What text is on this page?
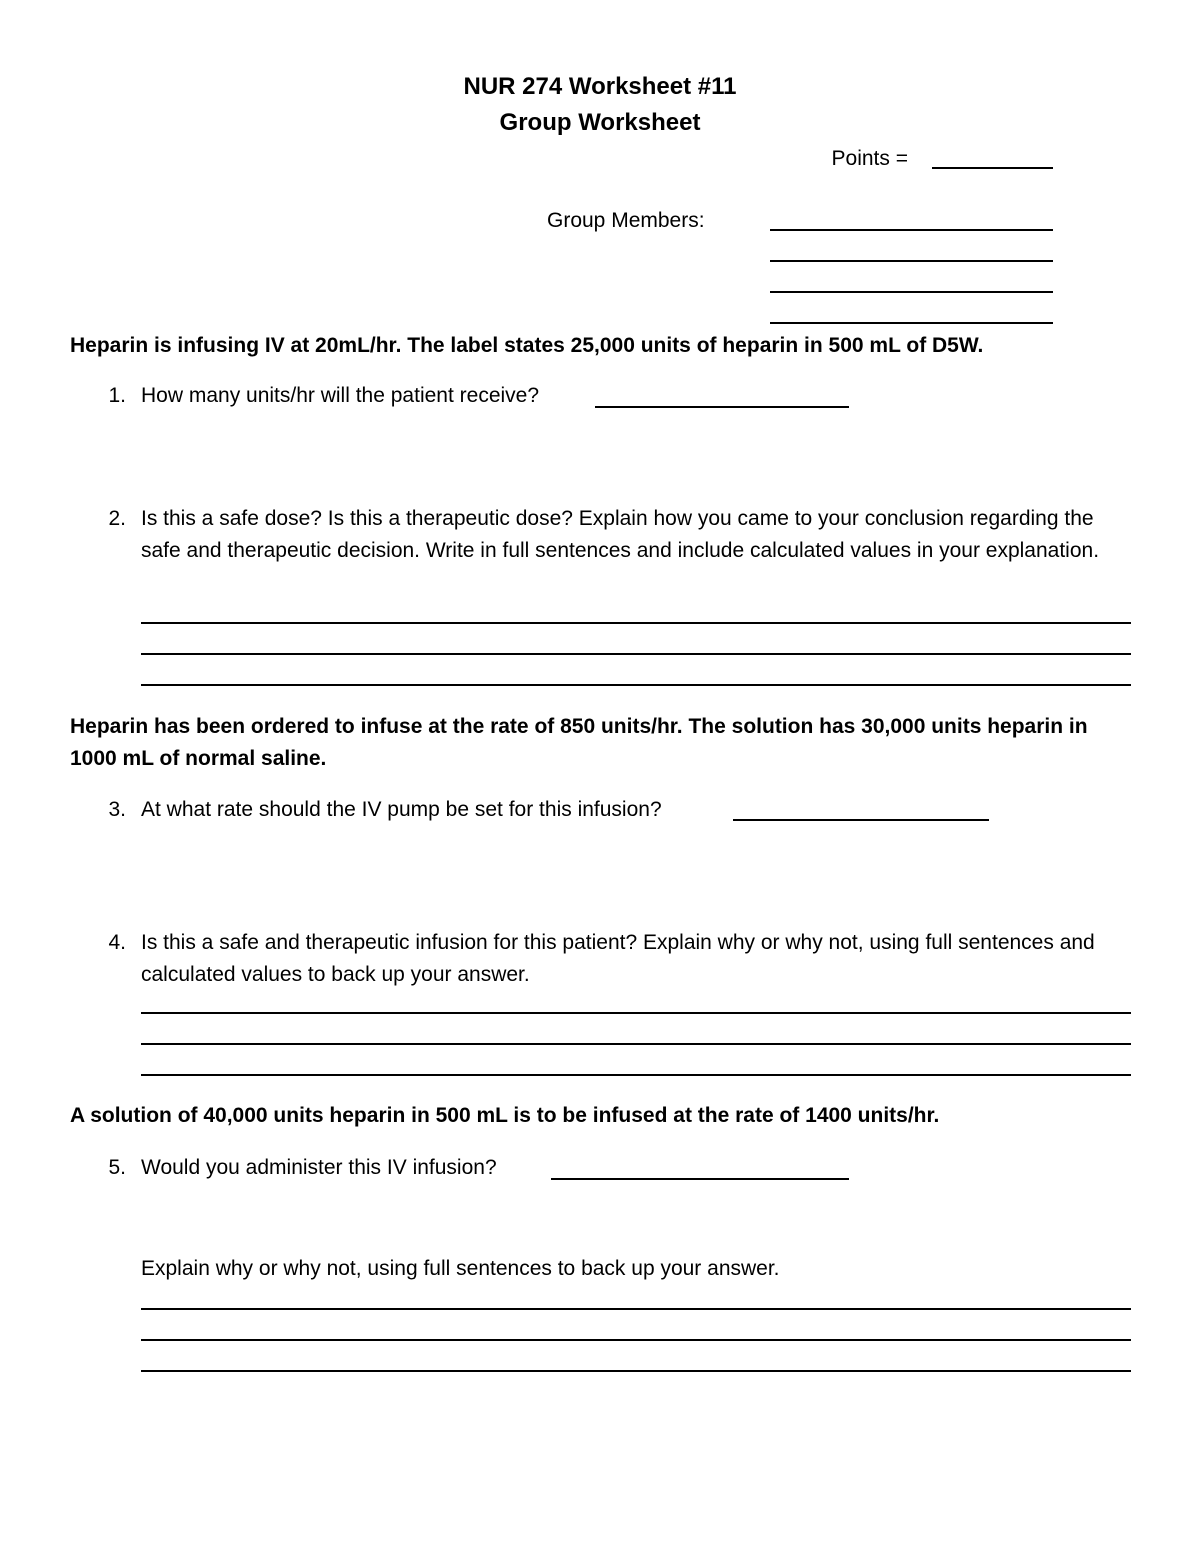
NUR 274 Worksheet #11
Group Worksheet
Points =
Group Members:
Heparin is infusing IV at 20mL/hr. The label states 25,000 units of heparin in 500 mL of D5W.
1. How many units/hr will the patient receive?
2. Is this a safe dose? Is this a therapeutic dose? Explain how you came to your conclusion regarding the safe and therapeutic decision. Write in full sentences and include calculated values in your explanation.
Heparin has been ordered to infuse at the rate of 850 units/hr. The solution has 30,000 units heparin in 1000 mL of normal saline.
3. At what rate should the IV pump be set for this infusion?
4. Is this a safe and therapeutic infusion for this patient? Explain why or why not, using full sentences and calculated values to back up your answer.
A solution of 40,000 units heparin in 500 mL is to be infused at the rate of 1400 units/hr.
5. Would you administer this IV infusion?
Explain why or why not, using full sentences to back up your answer.
